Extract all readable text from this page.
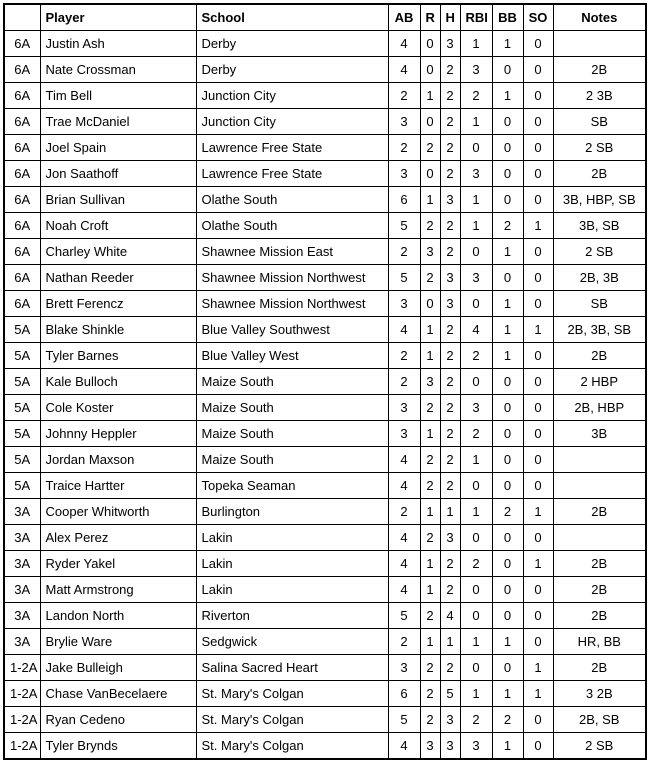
	Player	School	AB	R	H	RBI	BB	SO	Notes
6A	Justin Ash	Derby	4	0	3	1	1	0	
6A	Nate Crossman	Derby	4	0	2	3	0	0	2B
6A	Tim Bell	Junction City	2	1	2	2	1	0	2 3B
6A	Trae McDaniel	Junction City	3	0	2	1	0	0	SB
6A	Joel Spain	Lawrence Free State	2	2	2	0	0	0	2 SB
6A	Jon Saathoff	Lawrence Free State	3	0	2	3	0	0	2B
6A	Brian Sullivan	Olathe South	6	1	3	1	0	0	3B, HBP, SB
6A	Noah Croft	Olathe South	5	2	2	1	2	1	3B, SB
6A	Charley White	Shawnee Mission East	2	3	2	0	1	0	2 SB
6A	Nathan Reeder	Shawnee Mission Northwest	5	2	3	3	0	0	2B, 3B
6A	Brett Ferencz	Shawnee Mission Northwest	3	0	3	0	1	0	SB
5A	Blake Shinkle	Blue Valley Southwest	4	1	2	4	1	1	2B, 3B, SB
5A	Tyler Barnes	Blue Valley West	2	1	2	2	1	0	2B
5A	Kale Bulloch	Maize South	2	3	2	0	0	0	2 HBP
5A	Cole Koster	Maize South	3	2	2	3	0	0	2B, HBP
5A	Johnny Heppler	Maize South	3	1	2	2	0	0	3B
5A	Jordan Maxson	Maize South	4	2	2	1	0	0	
5A	Traice Hartter	Topeka Seaman	4	2	2	0	0	0	
3A	Cooper Whitworth	Burlington	2	1	1	1	2	1	2B
3A	Alex Perez	Lakin	4	2	3	0	0	0	
3A	Ryder Yakel	Lakin	4	1	2	2	0	1	2B
3A	Matt Armstrong	Lakin	4	1	2	0	0	0	2B
3A	Landon North	Riverton	5	2	4	0	0	0	2B
3A	Brylie Ware	Sedgwick	2	1	1	1	1	0	HR, BB
1-2A	Jake Bulleigh	Salina Sacred Heart	3	2	2	0	0	1	2B
1-2A	Chase VanBecelaere	St. Mary's Colgan	6	2	5	1	1	1	3 2B
1-2A	Ryan Cedeno	St. Mary's Colgan	5	2	3	2	2	0	2B, SB
1-2A	Tyler Brynds	St. Mary's Colgan	4	3	3	3	1	0	2 SB
